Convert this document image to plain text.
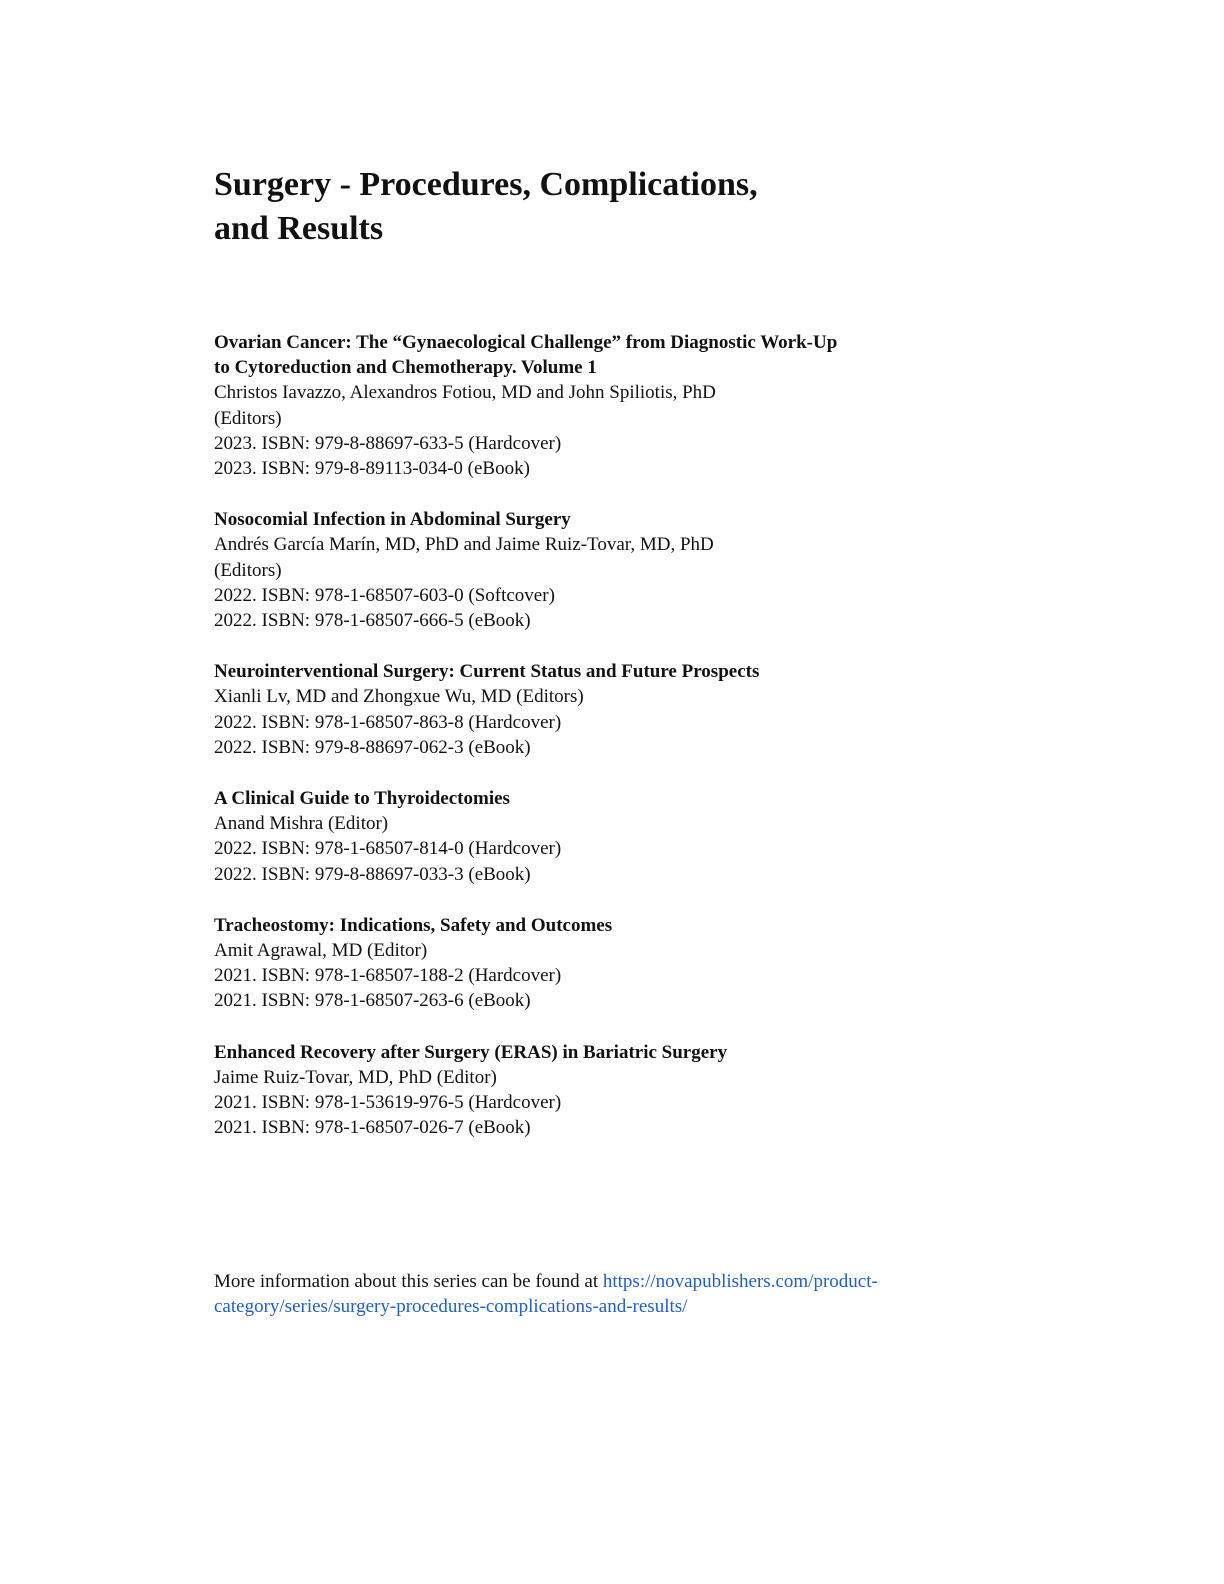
Surgery - Procedures, Complications,
and Results
Ovarian Cancer: The “Gynaecological Challenge” from Diagnostic Work-Up
to Cytoreduction and Chemotherapy. Volume 1
Christos Iavazzo, Alexandros Fotiou, MD and John Spiliotis, PhD
(Editors)
2023. ISBN: 979-8-88697-633-5 (Hardcover)
2023. ISBN: 979-8-89113-034-0 (eBook)
Nosocomial Infection in Abdominal Surgery
Andrés García Marín, MD, PhD and Jaime Ruiz-Tovar, MD, PhD
(Editors)
2022. ISBN: 978-1-68507-603-0 (Softcover)
2022. ISBN: 978-1-68507-666-5 (eBook)
Neurointerventional Surgery: Current Status and Future Prospects
Xianli Lv, MD and Zhongxue Wu, MD (Editors)
2022. ISBN: 978-1-68507-863-8 (Hardcover)
2022. ISBN: 979-8-88697-062-3 (eBook)
A Clinical Guide to Thyroidectomies
Anand Mishra (Editor)
2022. ISBN: 978-1-68507-814-0 (Hardcover)
2022. ISBN: 979-8-88697-033-3 (eBook)
Tracheostomy: Indications, Safety and Outcomes
Amit Agrawal, MD (Editor)
2021. ISBN: 978-1-68507-188-2 (Hardcover)
2021. ISBN: 978-1-68507-263-6 (eBook)
Enhanced Recovery after Surgery (ERAS) in Bariatric Surgery
Jaime Ruiz-Tovar, MD, PhD (Editor)
2021. ISBN: 978-1-53619-976-5 (Hardcover)
2021. ISBN: 978-1-68507-026-7 (eBook)
More information about this series can be found at https://novapublishers.com/product-
category/series/surgery-procedures-complications-and-results/
